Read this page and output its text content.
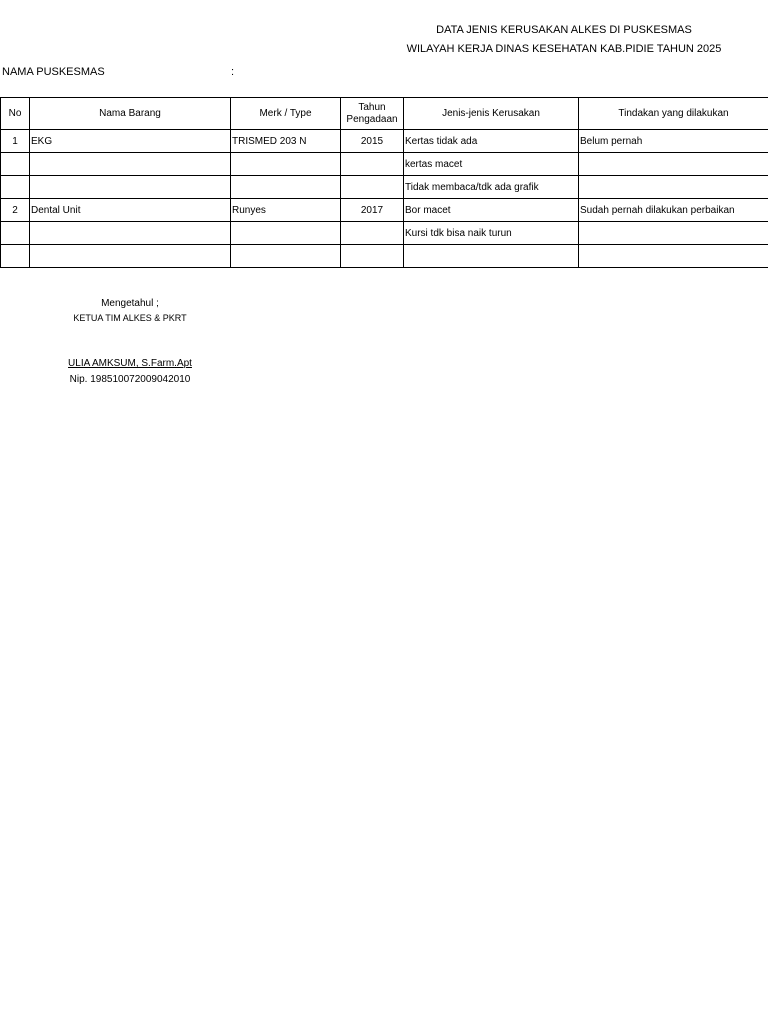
DATA JENIS KERUSAKAN ALKES DI PUSKESMAS
WILAYAH KERJA DINAS KESEHATAN KAB.PIDIE TAHUN 2025
NAMA PUSKESMAS	:
No	Nama Barang	Merk / Type	Tahun Pengadaan	Jenis-jenis Kerusakan	Tindakan yang dilakukan
1	EKG	TRISMED 203 N	2015	Kertas tidak ada	Belum pernah
				kertas macet	
				Tidak membaca/tdk ada grafik	
2	Dental Unit	Runyes	2017	Bor macet	Sudah pernah dilakukan perbaikan
				Kursi tdk bisa naik turun	

Mengetahul ;
KETUA TIM ALKES & PKRT
ULIA AMKSUM, S.Farm.Apt
Nip. 198510072009042010
